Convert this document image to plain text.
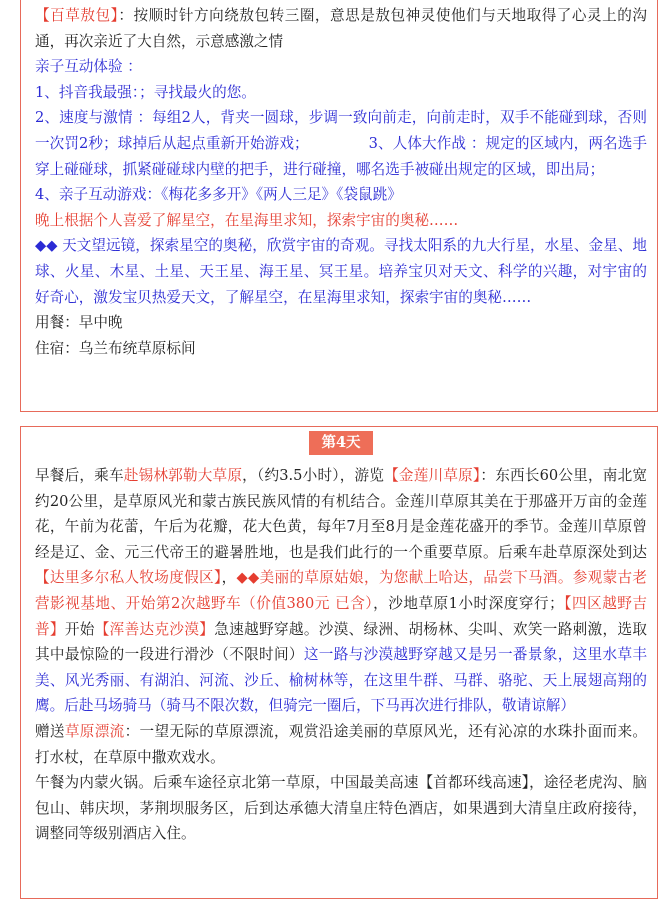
【百草敖包】：按顺时针方向绕敖包转三圈，意思是敖包神灵使他们与天地取得了心灵上的沟通，再次亲近了大自然，示意感激之情

亲子互动体验 ：

1、抖音我最强：；寻找最火的您。

2、速度与激情 ：每组2人，背夹一圆球，步调一致向前走，向前走时，双手不能碰到球，否则一次罚2秒；球掉后从起点重新开始游戏；	3、人体大作战 ：规定的区域内，两名选手穿上碰碰球，抓紧碰碰球内壁的把手，进行碰撞，哪名选手被碰出规定的区域，即出局；

4、亲子互动游戏：《梅花多多开》《两人三足》《袋鼠跳》

晚上根据个人喜爱了解星空，在星海里求知，探索宇宙的奥秘……

◆◆ 天文望远镜，探索星空的奥秘，欣赏宇宙的奇观。寻找太阳系的九大行星，水星、金星、地球、火星、木星、土星、天王星、海王星、冥王星。培养宝贝对天文、科学的兴趣，对宇宙的好奇心，激发宝贝热爱天文，了解星空，在星海里求知，探索宇宙的奥秘……

用餐：早中晚

住宿：乌兰布统草原标间

第4天

早餐后，乘车赴锡林郭勒大草原，（约3.5小时），游览【金莲川草原】：东西长60公里，南北宽约20公里，是草原风光和蒙古族民族风情的有机结合。金莲川草原其美在于那盛开万亩的金莲花，午前为花蕾，午后为花瓣，花大色黄，每年7月至8月是金莲花盛开的季节。金莲川草原曾经是辽、金、元三代帝王的避暑胜地，也是我们此行的一个重要草原。后乘车赴草原深处到达【达里多尔私人牧场度假区】，◆◆美丽的草原姑娘，为您献上哈达，品尝下马酒。参观蒙古老营影视基地、开始第2次越野车（价值380元 已含），沙地草原1小时深度穿行；【四区越野吉普】开始【浑善达克沙漠】急速越野穿越。沙漠、绿洲、胡杨林、尖叫、欢笑一路刺激，选取其中最惊险的一段进行滑沙（不限时间）这一路与沙漠越野穿越又是另一番景象，这里水草丰美、风光秀丽、有湖泊、河流、沙丘、榆树林等，在这里牛群、马群、骆驼、天上展翅高翔的鹰。后赴马场骑马（骑马不限次数，但骑完一圈后，下马再次进行排队，敬请谅解）

赠送草原漂流：一望无际的草原漂流，观赏沿途美丽的草原风光，还有沁凉的水珠扑面而来。打水杖，在草原中撒欢戏水。

午餐为内蒙火锅。后乘车途径京北第一草原，中国最美高速【首都环线高速】，途径老虎沟、脑包山、韩庆坝，茅荆坝服务区，后到达承德大清皇庄特色酒店，如果遇到大清皇庄政府接待，调整同等级别酒店入住。
